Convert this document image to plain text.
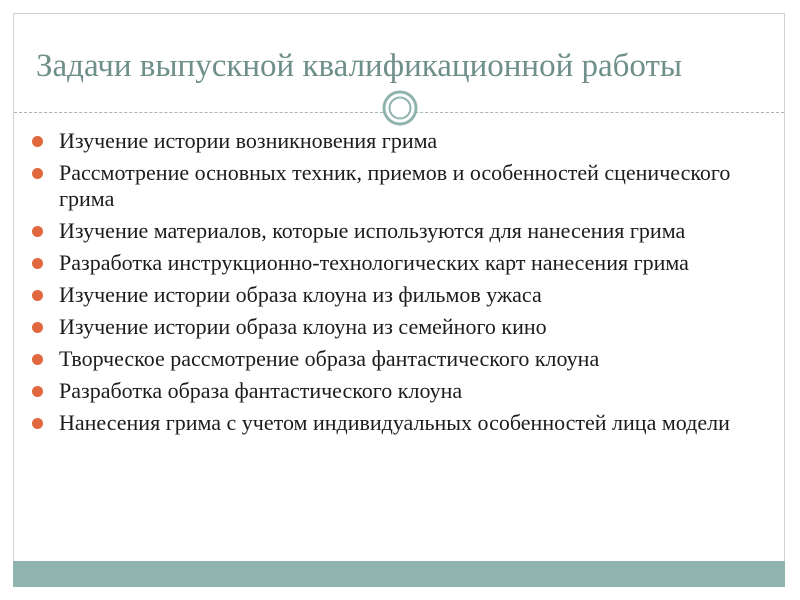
Задачи выпускной квалификационной работы
Изучение истории возникновения грима
Рассмотрение основных техник, приемов и особенностей сценического грима
Изучение материалов, которые используются для нанесения грима
Разработка инструкционно-технологических карт нанесения грима
Изучение истории образа клоуна из фильмов ужаса
Изучение истории образа клоуна из семейного кино
Творческое рассмотрение образа фантастического клоуна
Разработка образа фантастического клоуна
Нанесения грима с учетом индивидуальных особенностей лица модели
